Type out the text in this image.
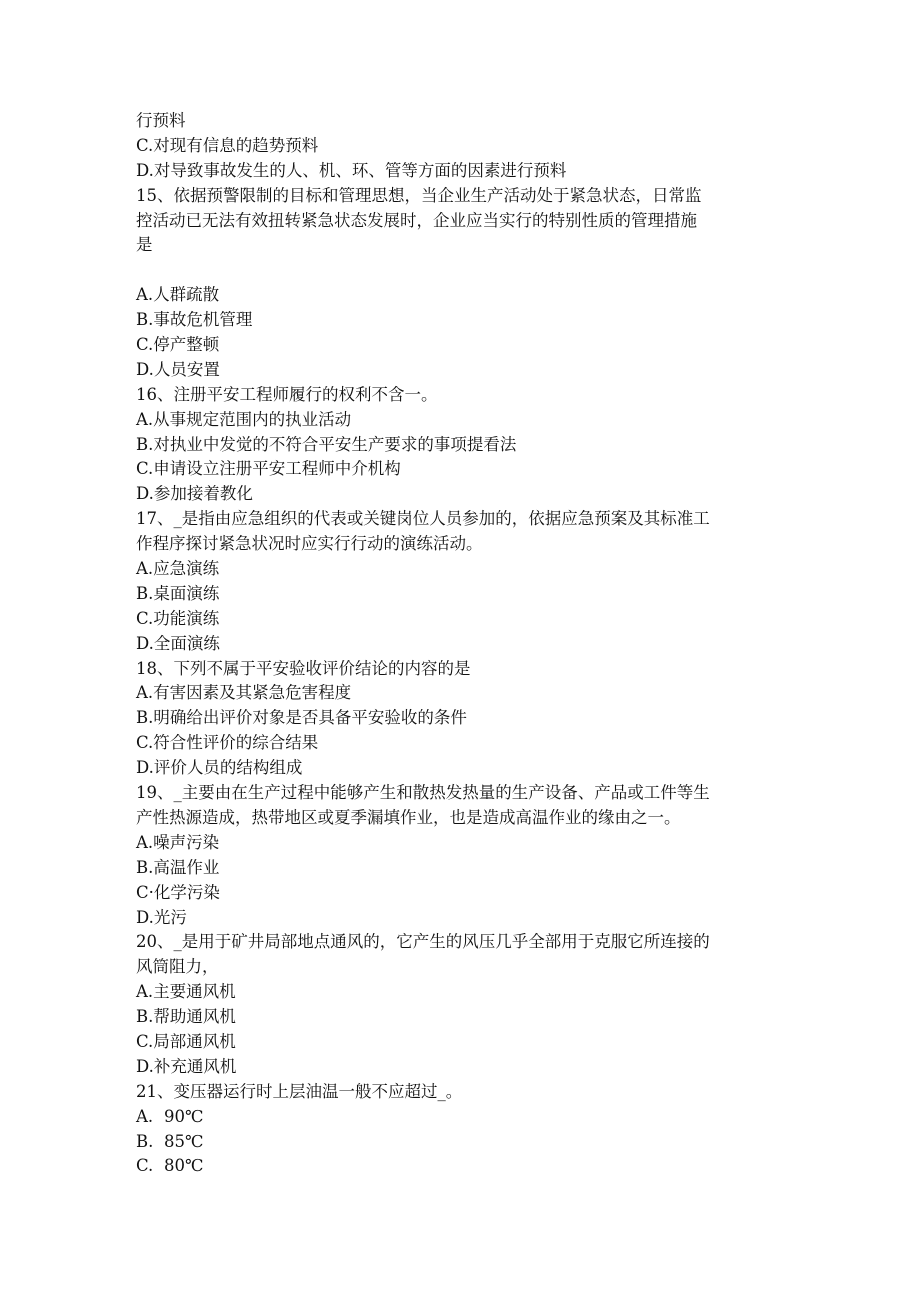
行预料
C.对现有信息的趋势预料
D.对导致事故发生的人、机、环、管等方面的因素进行预料
15、依据预警限制的目标和管理思想，当企业生产活动处于紧急状态，日常监
控活动已无法有效扭转紧急状态发展时，企业应当实行的特别性质的管理措施
是
A.人群疏散
B.事故危机管理
C.停产整顿
D.人员安置
16、注册平安工程师履行的权利不含一。
A.从事规定范围内的执业活动
B.对执业中发觉的不符合平安生产要求的事项提看法
C.申请设立注册平安工程师中介机构
D.参加接着教化
17、_是指由应急组织的代表或关键岗位人员参加的，依据应急预案及其标准工
作程序探讨紧急状况时应实行行动的演练活动。
A.应急演练
B.桌面演练
C.功能演练
D.全面演练
18、下列不属于平安验收评价结论的内容的是
A.有害因素及其紧急危害程度
B.明确给出评价对象是否具备平安验收的条件
C.符合性评价的综合结果
D.评价人员的结构组成
19、_主要由在生产过程中能够产生和散热发热量的生产设备、产品或工件等生
产性热源造成，热带地区或夏季漏填作业，也是造成高温作业的缘由之一。
A.噪声污染
B.高温作业
C·化学污染
D.光污
20、_是用于矿井局部地点通风的，它产生的风压几乎全部用于克服它所连接的
风筒阻力，
A.主要通风机
B.帮助通风机
C.局部通风机
D.补充通风机
21、变压器运行时上层油温一般不应超过_。
A. 90℃
B. 85℃
C. 80℃
